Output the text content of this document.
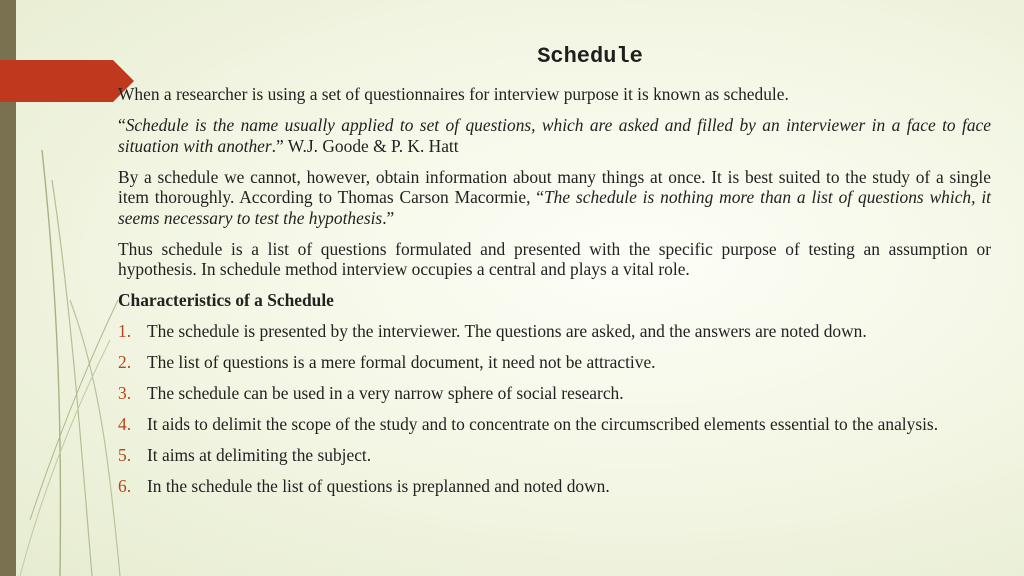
Schedule

When a researcher is using a set of questionnaires for interview purpose it is known as schedule.

“Schedule is the name usually applied to set of questions, which are asked and filled by an interviewer in a face to face situation with another.” W.J. Goode & P. K. Hatt

By a schedule we cannot, however, obtain information about many things at once. It is best suited to the study of a single item thoroughly. According to Thomas Carson Macormie, “The schedule is nothing more than a list of questions which, it seems necessary to test the hypothesis.”

Thus schedule is a list of questions formulated and presented with the specific purpose of testing an assumption or hypothesis. In schedule method interview occupies a central and plays a vital role.

Characteristics of a Schedule

1. The schedule is presented by the interviewer. The questions are asked, and the answers are noted down.
2. The list of questions is a mere formal document, it need not be attractive.
3. The schedule can be used in a very narrow sphere of social research.
4. It aids to delimit the scope of the study and to concentrate on the circumscribed elements essential to the analysis.
5. It aims at delimiting the subject.
6. In the schedule the list of questions is preplanned and noted down.
